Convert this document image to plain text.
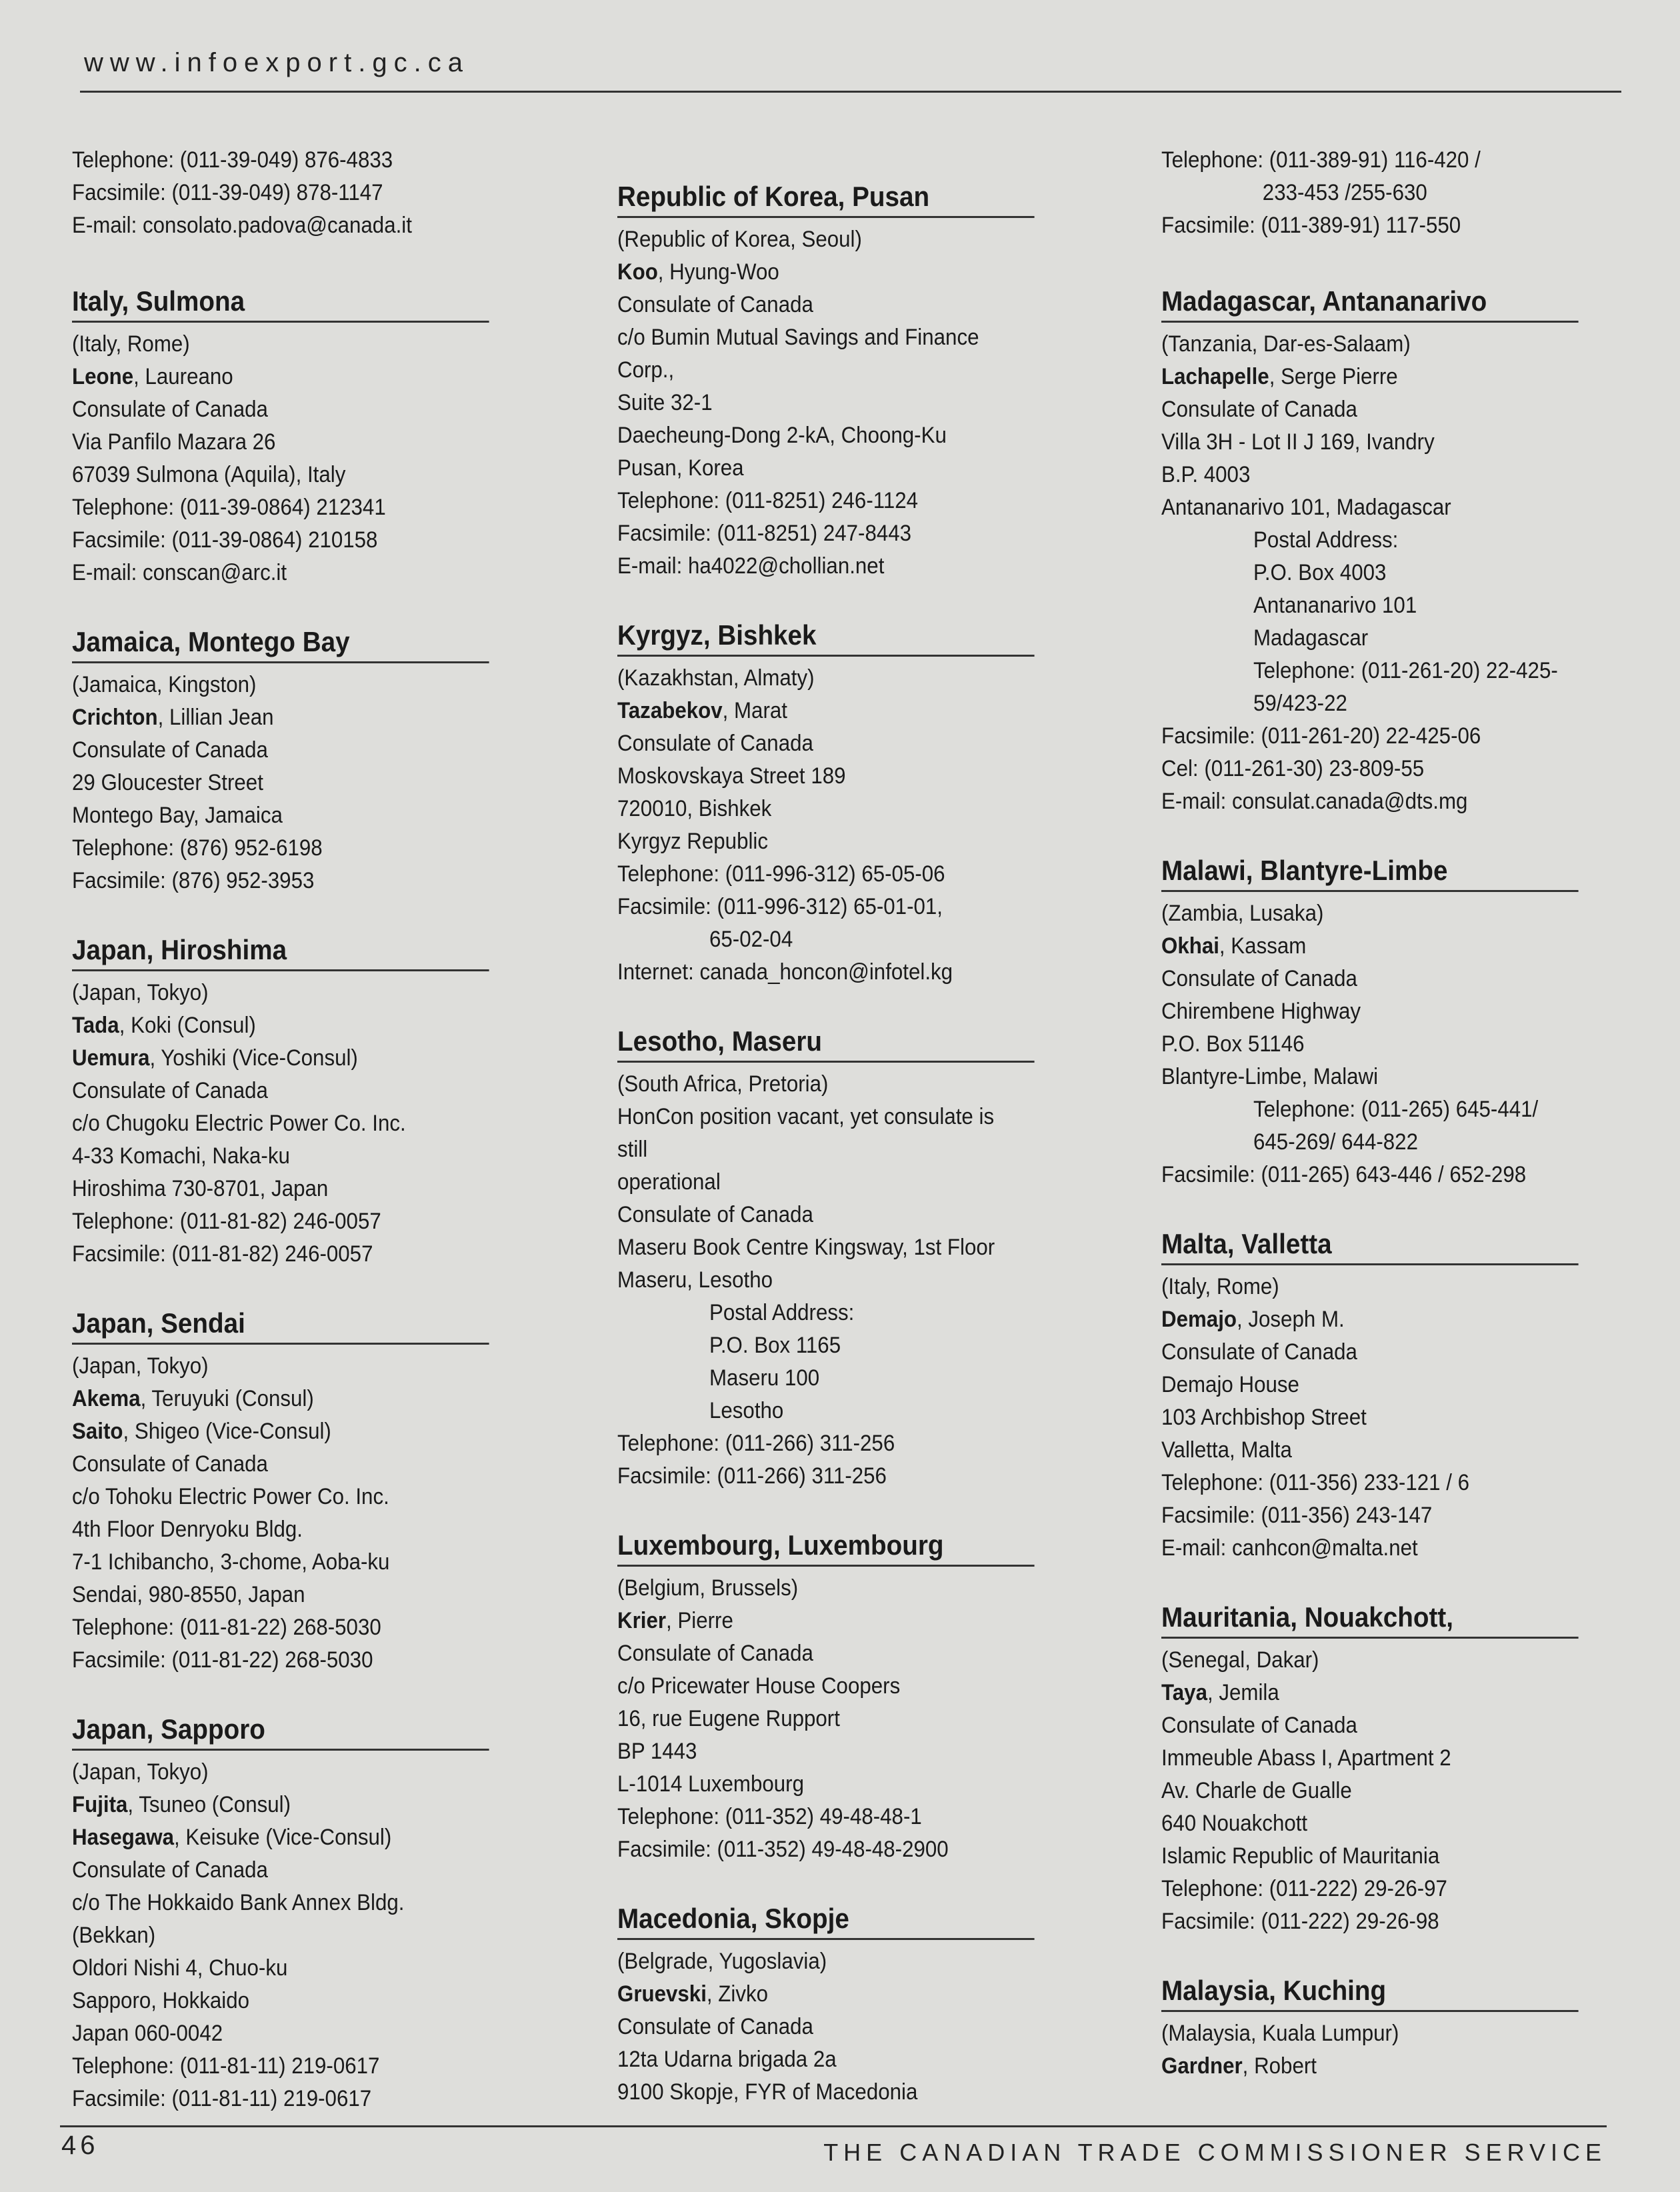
www.infoexport.gc.ca
Telephone: (011-39-049) 876-4833
Facsimile: (011-39-049) 878-1147
E-mail: consolato.padova@canada.it
Italy, Sulmona
(Italy, Rome)
Leone, Laureano
Consulate of Canada
Via Panfilo Mazara 26
67039 Sulmona (Aquila), Italy
Telephone: (011-39-0864) 212341
Facsimile: (011-39-0864) 210158
E-mail: conscan@arc.it
Jamaica, Montego Bay
(Jamaica, Kingston)
Crichton, Lillian Jean
Consulate of Canada
29 Gloucester Street
Montego Bay, Jamaica
Telephone: (876) 952-6198
Facsimile: (876) 952-3953
Japan, Hiroshima
(Japan, Tokyo)
Tada, Koki (Consul)
Uemura, Yoshiki (Vice-Consul)
Consulate of Canada
c/o Chugoku Electric Power Co. Inc.
4-33 Komachi, Naka-ku
Hiroshima 730-8701, Japan
Telephone: (011-81-82) 246-0057
Facsimile: (011-81-82) 246-0057
Japan, Sendai
(Japan, Tokyo)
Akema, Teruyuki (Consul)
Saito, Shigeo (Vice-Consul)
Consulate of Canada
c/o Tohoku Electric Power Co. Inc.
4th Floor Denryoku Bldg.
7-1 Ichibancho, 3-chome, Aoba-ku
Sendai, 980-8550, Japan
Telephone: (011-81-22) 268-5030
Facsimile: (011-81-22) 268-5030
Japan, Sapporo
(Japan, Tokyo)
Fujita, Tsuneo (Consul)
Hasegawa, Keisuke (Vice-Consul)
Consulate of Canada
c/o The Hokkaido Bank Annex Bldg.
(Bekkan)
Oldori Nishi 4, Chuo-ku
Sapporo, Hokkaido
Japan 060-0042
Telephone: (011-81-11) 219-0617
Facsimile: (011-81-11) 219-0617
Republic of Korea, Pusan
(Republic of Korea, Seoul)
Koo, Hyung-Woo
Consulate of Canada
c/o Bumin Mutual Savings and Finance
Corp.,
Suite 32-1
Daecheung-Dong 2-kA, Choong-Ku
Pusan, Korea
Telephone: (011-8251) 246-1124
Facsimile: (011-8251) 247-8443
E-mail: ha4022@chollian.net
Kyrgyz, Bishkek
(Kazakhstan, Almaty)
Tazabekov, Marat
Consulate of Canada
Moskovskaya Street 189
720010, Bishkek
Kyrgyz Republic
Telephone: (011-996-312) 65-05-06
Facsimile: (011-996-312) 65-01-01,
65-02-04
Internet: canada_honcon@infotel.kg
Lesotho, Maseru
(South Africa, Pretoria)
HonCon position vacant, yet consulate is
still
operational
Consulate of Canada
Maseru Book Centre Kingsway, 1st Floor
Maseru, Lesotho
Postal Address:
P.O. Box 1165
Maseru 100
Lesotho
Telephone: (011-266) 311-256
Facsimile: (011-266) 311-256
Luxembourg, Luxembourg
(Belgium, Brussels)
Krier, Pierre
Consulate of Canada
c/o Pricewater House Coopers
16, rue Eugene Rupport
BP 1443
L-1014 Luxembourg
Telephone: (011-352) 49-48-48-1
Facsimile: (011-352) 49-48-48-2900
Macedonia, Skopje
(Belgrade, Yugoslavia)
Gruevski, Zivko
Consulate of Canada
12ta Udarna brigada 2a
9100 Skopje, FYR of Macedonia
Telephone: (011-389-91) 116-420 /
233-453 /255-630
Facsimile: (011-389-91) 117-550
Madagascar, Antananarivo
(Tanzania, Dar-es-Salaam)
Lachapelle, Serge Pierre
Consulate of Canada
Villa 3H - Lot II J 169, Ivandry
B.P. 4003
Antananarivo 101, Madagascar
Postal Address:
P.O. Box 4003
Antananarivo 101
Madagascar
Telephone: (011-261-20) 22-425-
59/423-22
Facsimile: (011-261-20) 22-425-06
Cel: (011-261-30) 23-809-55
E-mail: consulat.canada@dts.mg
Malawi, Blantyre-Limbe
(Zambia, Lusaka)
Okhai, Kassam
Consulate of Canada
Chirembene Highway
P.O. Box 51146
Blantyre-Limbe, Malawi
Telephone: (011-265) 645-441/
645-269/ 644-822
Facsimile: (011-265) 643-446 / 652-298
Malta, Valletta
(Italy, Rome)
Demajo, Joseph M.
Consulate of Canada
Demajo House
103 Archbishop Street
Valletta, Malta
Telephone: (011-356) 233-121 / 6
Facsimile: (011-356) 243-147
E-mail: canhcon@malta.net
Mauritania, Nouakchott,
(Senegal, Dakar)
Taya, Jemila
Consulate of Canada
Immeuble Abass I, Apartment 2
Av. Charle de Gualle
640 Nouakchott
Islamic Republic of Mauritania
Telephone: (011-222) 29-26-97
Facsimile: (011-222) 29-26-98
Malaysia, Kuching
(Malaysia, Kuala Lumpur)
Gardner, Robert
46	THE CANADIAN TRADE COMMISSIONER SERVICE
